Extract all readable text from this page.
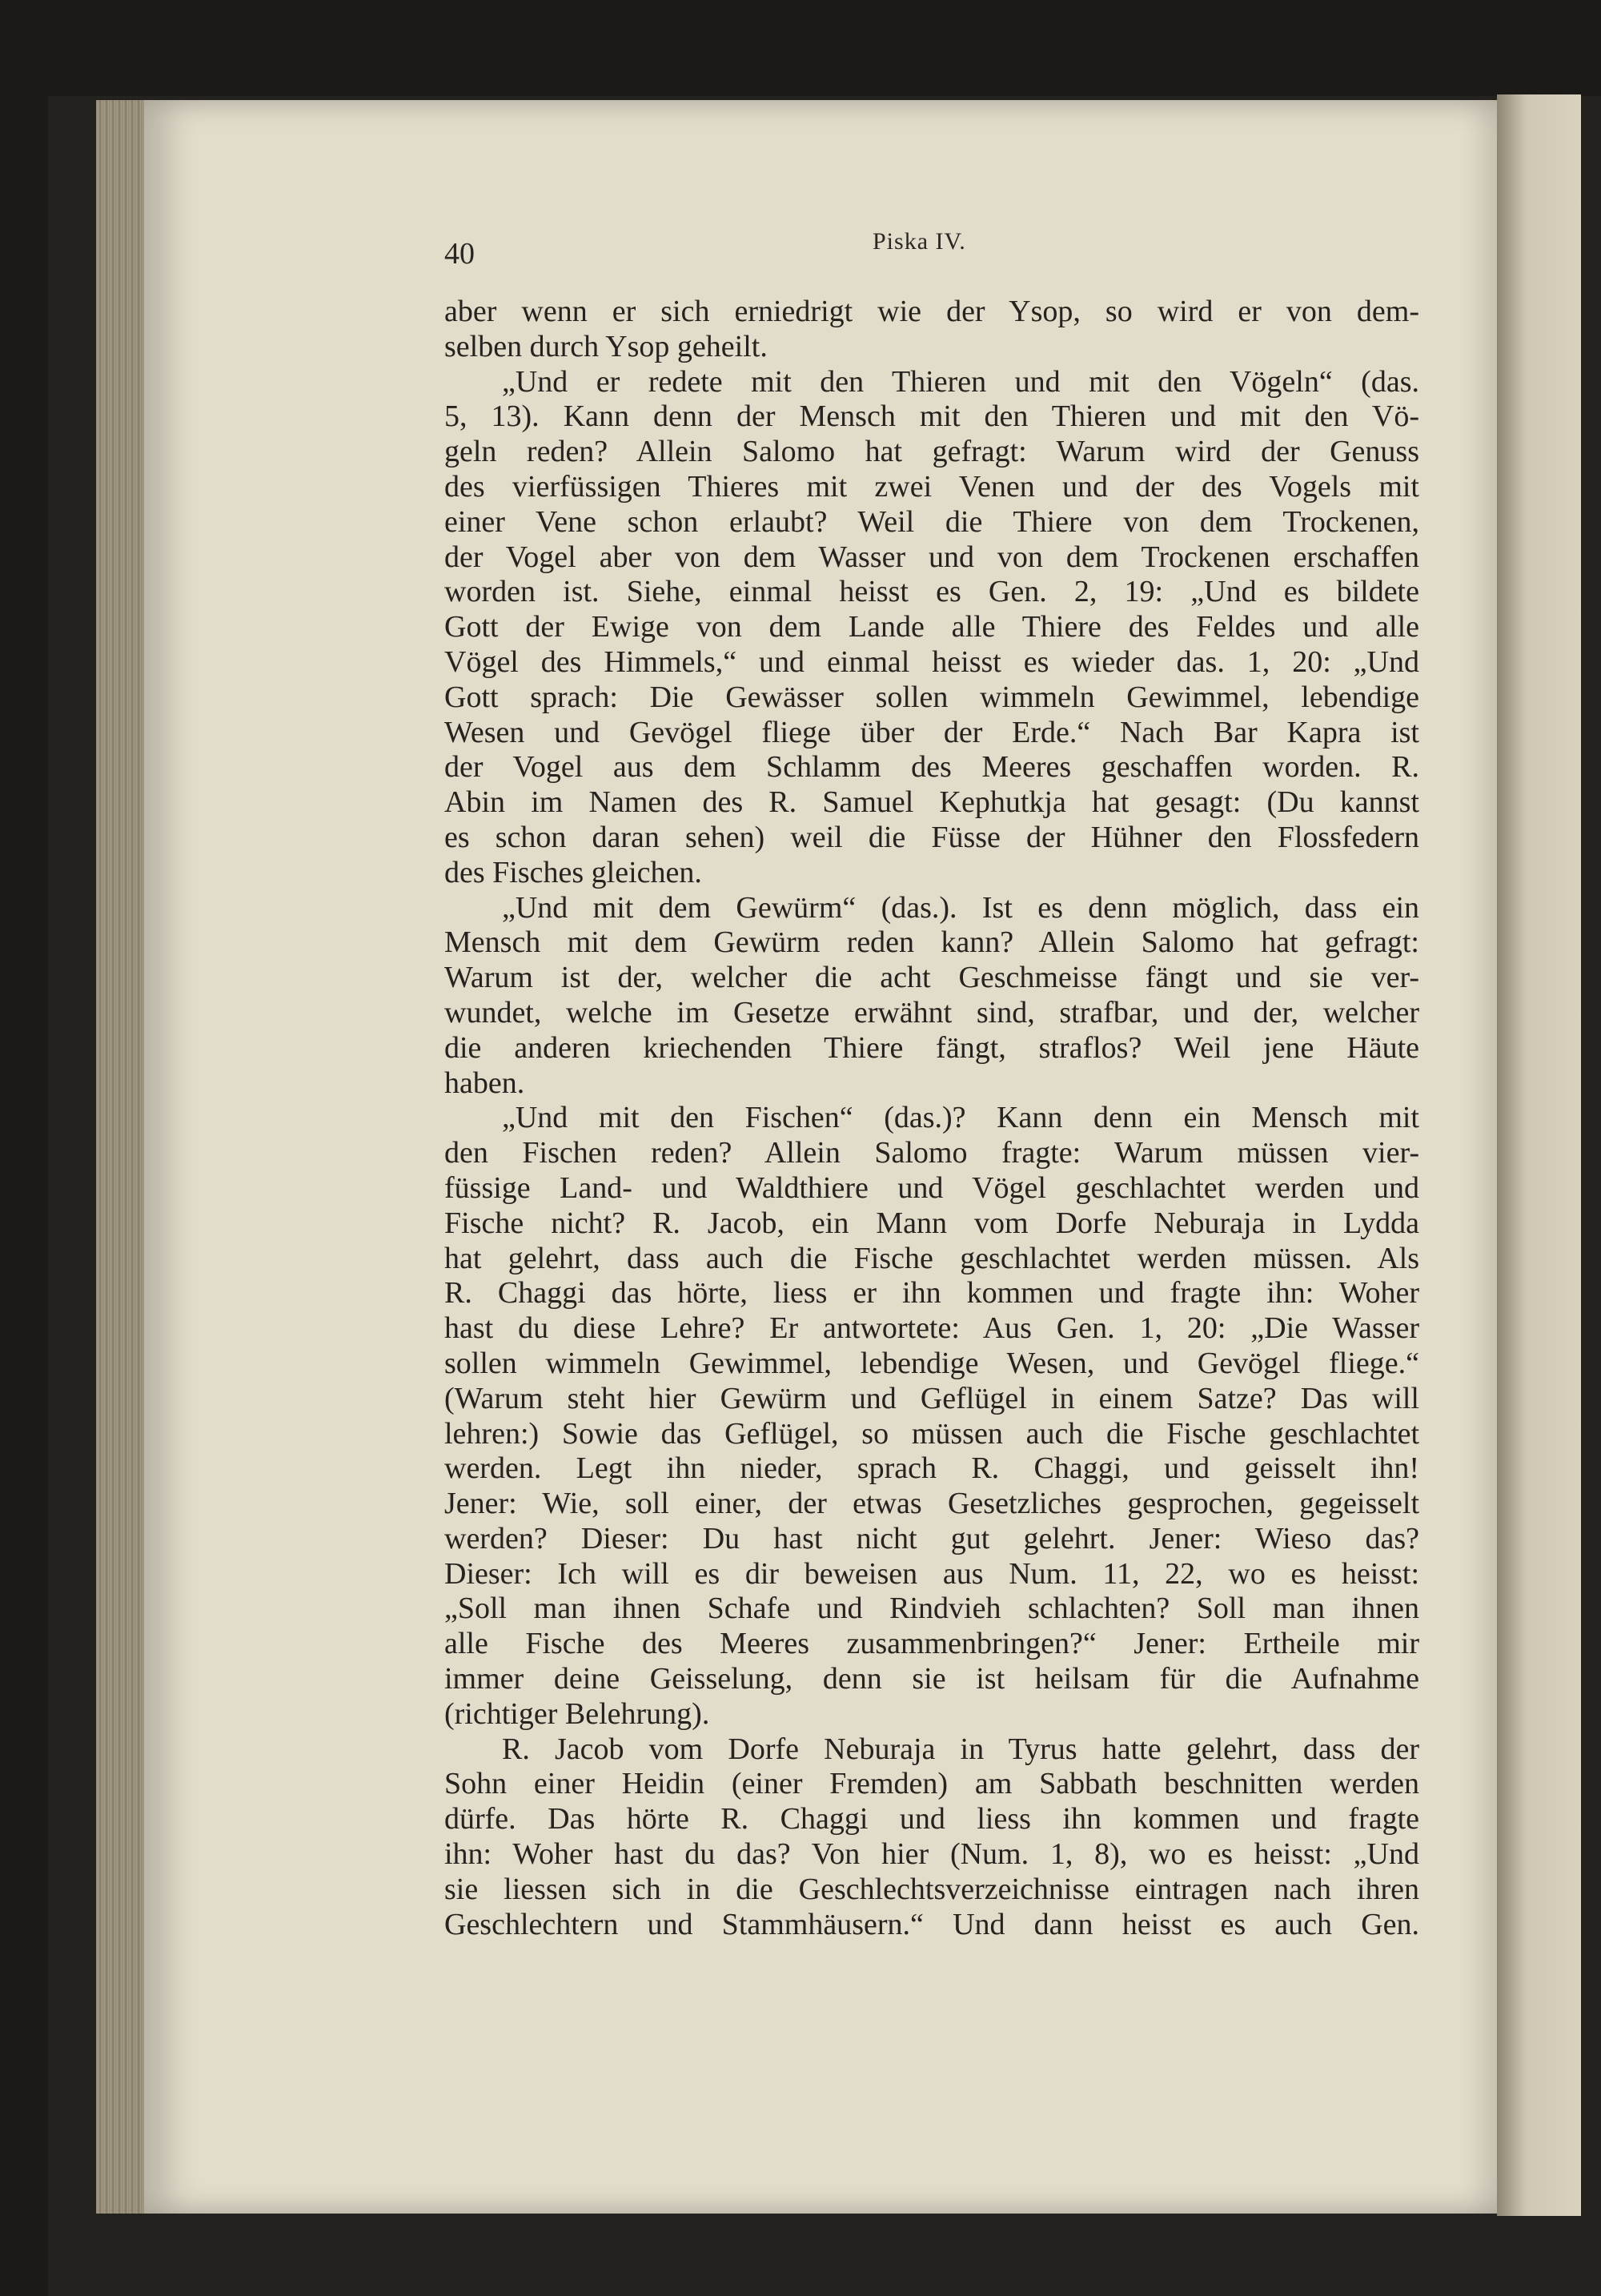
40	Piska IV.
aber wenn er sich erniedrigt wie der Ysop, so wird er von dem-
selben durch Ysop geheilt.
„Und er redete mit den Thieren und mit den Vögeln“ (das.
5, 13). Kann denn der Mensch mit den Thieren und mit den Vö-
geln reden? Allein Salomo hat gefragt: Warum wird der Genuss
des vierfüssigen Thieres mit zwei Venen und der des Vogels mit
einer Vene schon erlaubt? Weil die Thiere von dem Trockenen,
der Vogel aber von dem Wasser und von dem Trockenen erschaffen
worden ist. Siehe, einmal heisst es Gen. 2, 19: „Und es bildete
Gott der Ewige von dem Lande alle Thiere des Feldes und alle
Vögel des Himmels,“ und einmal heisst es wieder das. 1, 20: „Und
Gott sprach: Die Gewässer sollen wimmeln Gewimmel, lebendige
Wesen und Gevögel fliege über der Erde.“ Nach Bar Kapra ist
der Vogel aus dem Schlamm des Meeres geschaffen worden. R.
Abin im Namen des R. Samuel Kephutkja hat gesagt: (Du kannst
es schon daran sehen) weil die Füsse der Hühner den Flossfedern
des Fisches gleichen.
„Und mit dem Gewürm“ (das.). Ist es denn möglich, dass ein
Mensch mit dem Gewürm reden kann? Allein Salomo hat gefragt:
Warum ist der, welcher die acht Geschmeisse fängt und sie ver-
wundet, welche im Gesetze erwähnt sind, strafbar, und der, welcher
die anderen kriechenden Thiere fängt, straflos? Weil jene Häute
haben.
„Und mit den Fischen“ (das.)? Kann denn ein Mensch mit
den Fischen reden? Allein Salomo fragte: Warum müssen vier-
füssige Land- und Waldthiere und Vögel geschlachtet werden und
Fische nicht? R. Jacob, ein Mann vom Dorfe Neburaja in Lydda
hat gelehrt, dass auch die Fische geschlachtet werden müssen. Als
R. Chaggi das hörte, liess er ihn kommen und fragte ihn: Woher
hast du diese Lehre? Er antwortete: Aus Gen. 1, 20: „Die Wasser
sollen wimmeln Gewimmel, lebendige Wesen, und Gevögel fliege.“
(Warum steht hier Gewürm und Geflügel in einem Satze? Das will
lehren:) Sowie das Geflügel, so müssen auch die Fische geschlachtet
werden. Legt ihn nieder, sprach R. Chaggi, und geisselt ihn!
Jener: Wie, soll einer, der etwas Gesetzliches gesprochen, gegeisselt
werden? Dieser: Du hast nicht gut gelehrt. Jener: Wieso das?
Dieser: Ich will es dir beweisen aus Num. 11, 22, wo es heisst:
„Soll man ihnen Schafe und Rindvieh schlachten? Soll man ihnen
alle Fische des Meeres zusammenbringen?“ Jener: Ertheile mir
immer deine Geisselung, denn sie ist heilsam für die Aufnahme
(richtiger Belehrung).
R. Jacob vom Dorfe Neburaja in Tyrus hatte gelehrt, dass der
Sohn einer Heidin (einer Fremden) am Sabbath beschnitten werden
dürfe. Das hörte R. Chaggi und liess ihn kommen und fragte
ihn: Woher hast du das? Von hier (Num. 1, 8), wo es heisst: „Und
sie liessen sich in die Geschlechtsverzeichnisse eintragen nach ihren
Geschlechtern und Stammhäusern.“ Und dann heisst es auch Gen.
